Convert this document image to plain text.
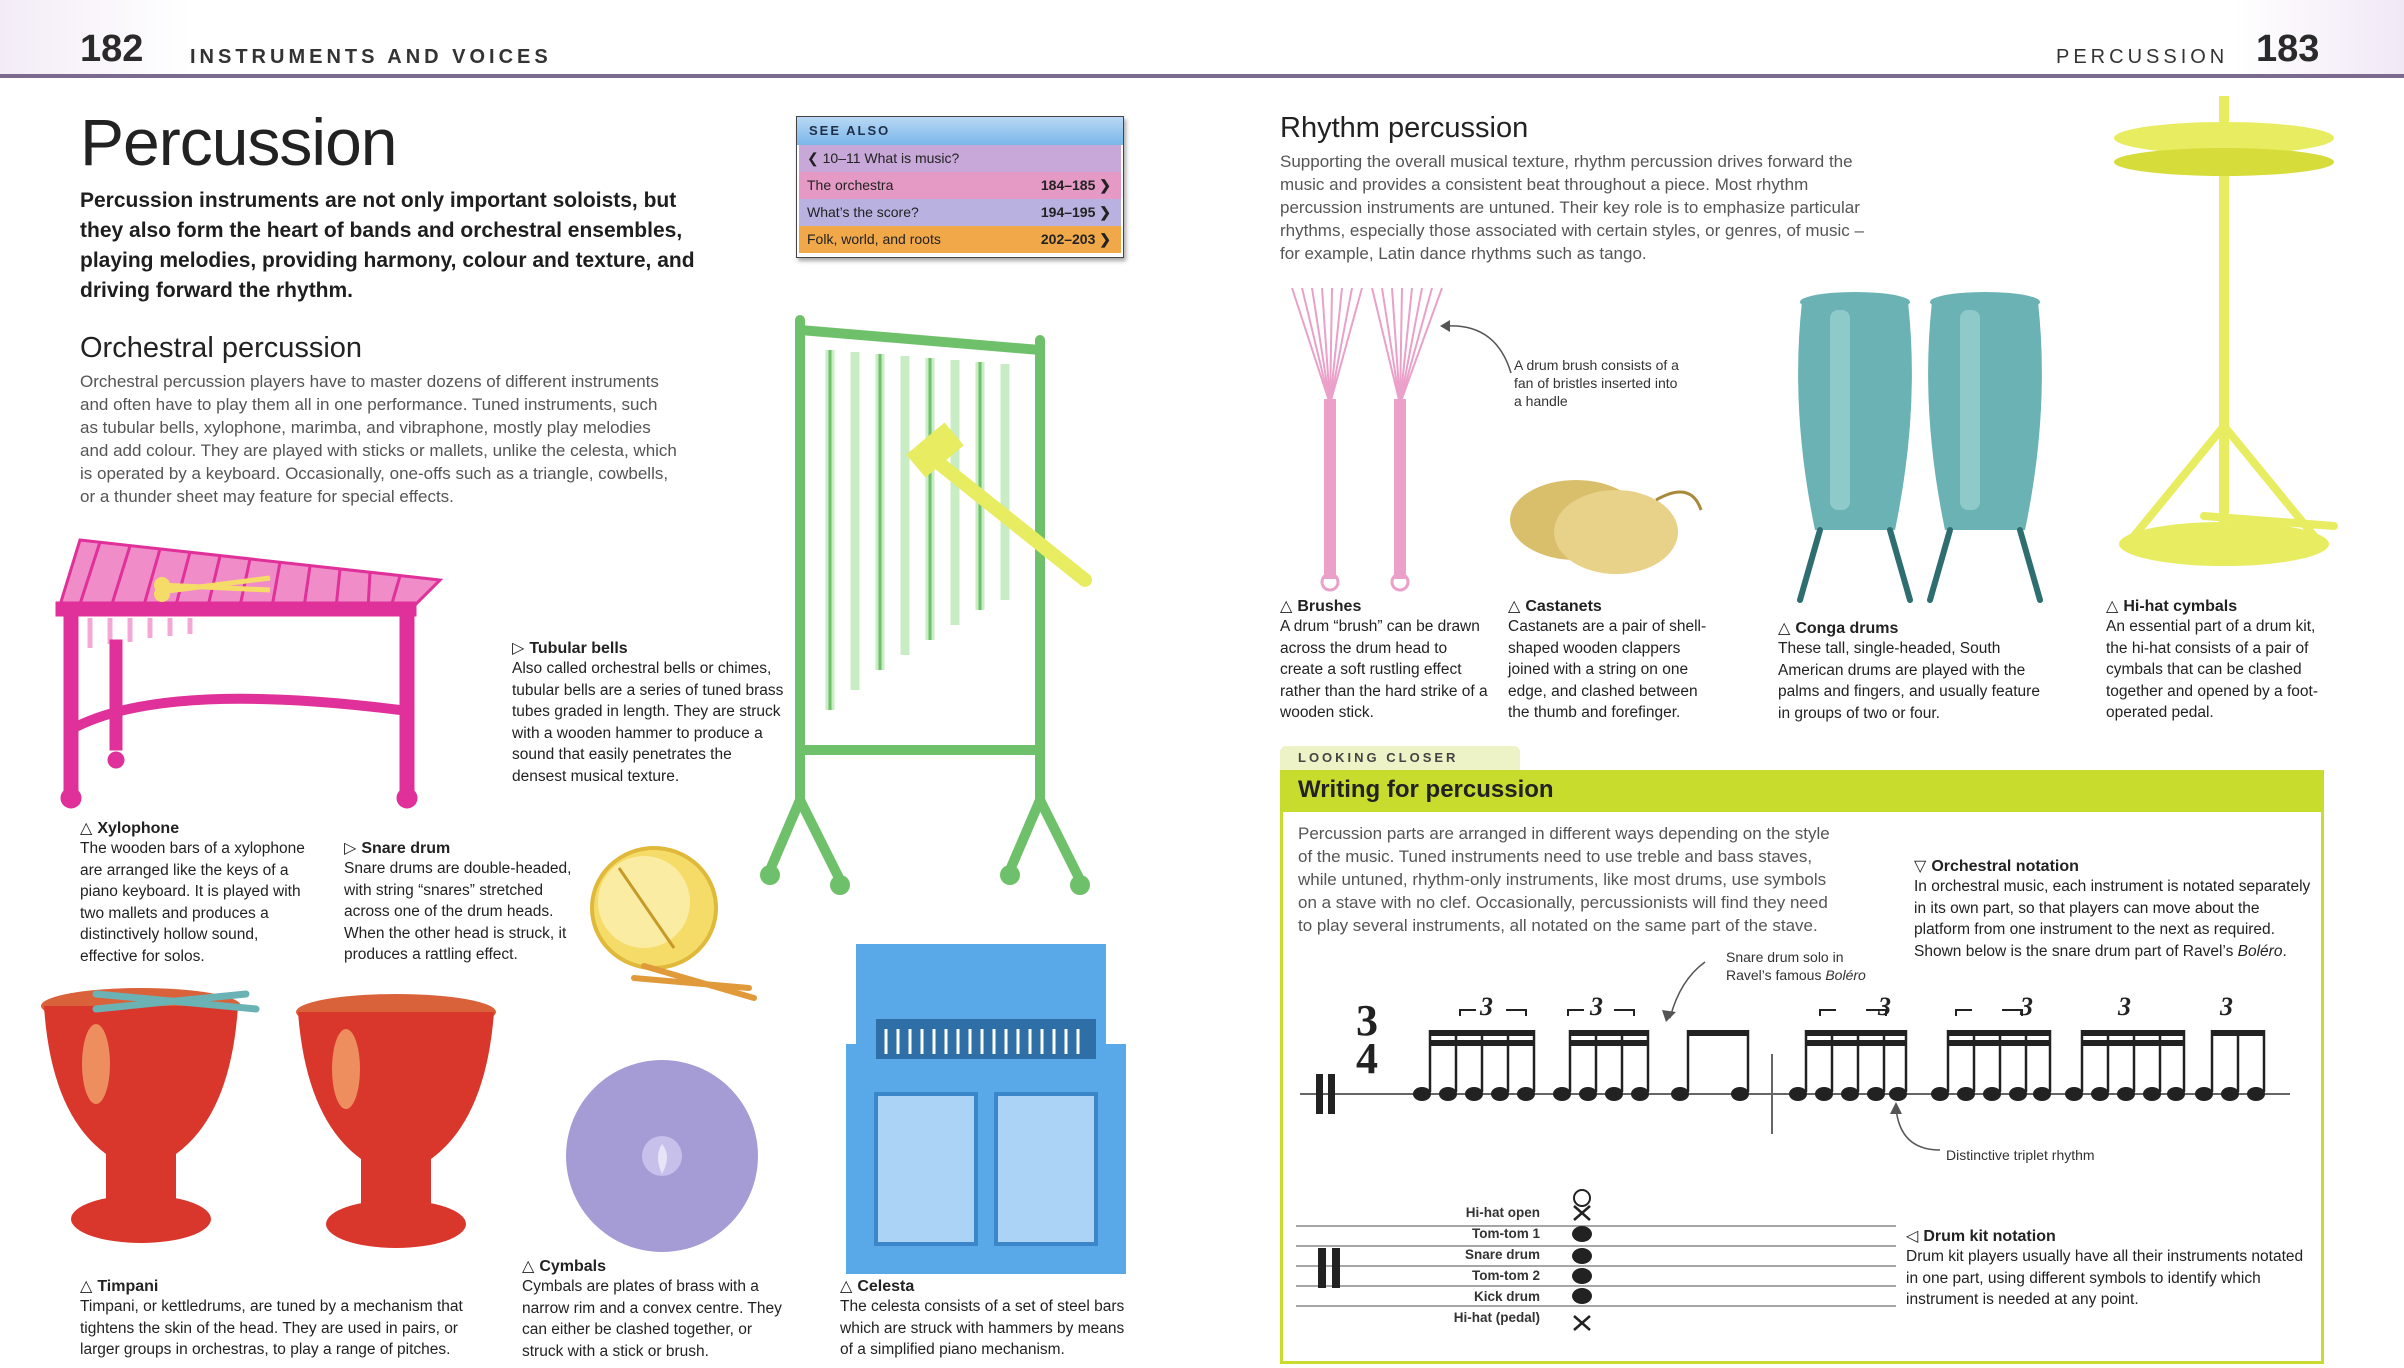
182 INSTRUMENTS AND VOICES	PERCUSSION 183
Percussion
Percussion instruments are not only important soloists, but they also form the heart of bands and orchestral ensembles, playing melodies, providing harmony, colour and texture, and driving forward the rhythm.
Orchestral percussion
Orchestral percussion players have to master dozens of different instruments and often have to play them all in one performance. Tuned instruments, such as tubular bells, xylophone, marimba, and vibraphone, mostly play melodies and add colour. They are played with sticks or mallets, unlike the celesta, which is operated by a keyboard. Occasionally, one-offs such as a triangle, cowbells, or a thunder sheet may feature for special effects.
SEE ALSO
❮ 10–11 What is music?
The orchestra	184–185 ❯
What’s the score?	194–195 ❯
Folk, world, and roots	202–203 ❯
△ Xylophone
The wooden bars of a xylophone are arranged like the keys of a piano keyboard. It is played with two mallets and produces a distinctively hollow sound, effective for solos.
▷ Snare drum
Snare drums are double-headed, with string “snares” stretched across one of the drum heads. When the other head is struck, it produces a rattling effect.
▷ Tubular bells
Also called orchestral bells or chimes, tubular bells are a series of tuned brass tubes graded in length. They are struck with a wooden hammer to produce a sound that easily penetrates the densest musical texture.
△ Timpani
Timpani, or kettledrums, are tuned by a mechanism that tightens the skin of the head. They are used in pairs, or larger groups in orchestras, to play a range of pitches.
△ Cymbals
Cymbals are plates of brass with a narrow rim and a convex centre. They can either be clashed together, or struck with a stick or brush.
△ Celesta
The celesta consists of a set of steel bars which are struck with hammers by means of a simplified piano mechanism.
Rhythm percussion
Supporting the overall musical texture, rhythm percussion drives forward the music and provides a consistent beat throughout a piece. Most rhythm percussion instruments are untuned. Their key role is to emphasize particular rhythms, especially those associated with certain styles, or genres, of music – for example, Latin dance rhythms such as tango.
A drum brush consists of a fan of bristles inserted into a handle
△ Brushes
A drum “brush” can be drawn across the drum head to create a soft rustling effect rather than the hard strike of a wooden stick.
△ Castanets
Castanets are a pair of shell-shaped wooden clappers joined with a string on one edge, and clashed between the thumb and forefinger.
△ Conga drums
These tall, single-headed, South American drums are played with the palms and fingers, and usually feature in groups of two or four.
△ Hi-hat cymbals
An essential part of a drum kit, the hi-hat consists of a pair of cymbals that can be clashed together and opened by a foot-operated pedal.
LOOKING CLOSER
Writing for percussion
Percussion parts are arranged in different ways depending on the style of the music. Tuned instruments need to use treble and bass staves, while untuned, rhythm-only instruments, like most drums, use symbols on a stave with no clef. Occasionally, percussionists will find they need to play several instruments, all notated on the same part of the stave.
▽ Orchestral notation
In orchestral music, each instrument is notated separately in its own part, so that players can move about the platform from one instrument to the next as required. Shown below is the snare drum part of Ravel’s Boléro.
Snare drum solo in
Ravel’s famous Boléro
3
4
3	3	3	3	3	3
Distinctive triplet rhythm
Hi-hat open
Tom-tom 1
Snare drum
Tom-tom 2
Kick drum
Hi-hat (pedal)
◁ Drum kit notation
Drum kit players usually have all their instruments notated in one part, using different symbols to identify which instrument is needed at any point.
